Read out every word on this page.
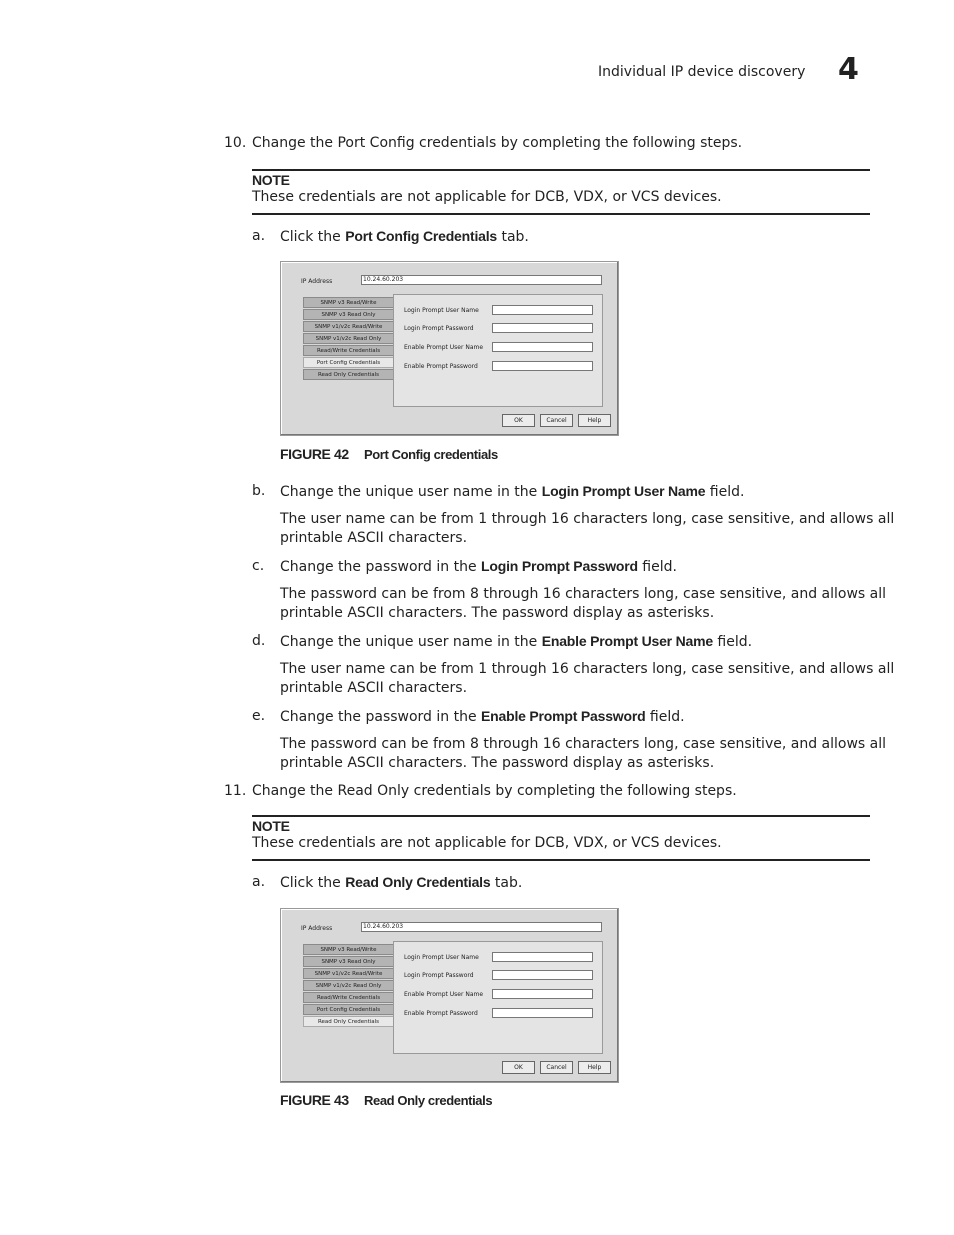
Individual IP device discovery 4
10. Change the Port Config credentials by completing the following steps.
NOTE
These credentials are not applicable for DCB, VDX, or VCS devices.
a. Click the Port Config Credentials tab.
IP Address	10.24.60.203
SNMP v3 Read/Write
SNMP v3 Read Only
SNMP v1/v2c Read/Write
SNMP v1/v2c Read Only
Read/Write Credentials
Port Config Credentials
Read Only Credentials
Login Prompt User Name
Login Prompt Password
Enable Prompt User Name
Enable Prompt Password
OK	Cancel	Help
FIGURE 42 Port Config credentials
b. Change the unique user name in the Login Prompt User Name field.
The user name can be from 1 through 16 characters long, case sensitive, and allows all
printable ASCII characters.
c. Change the password in the Login Prompt Password field.
The password can be from 8 through 16 characters long, case sensitive, and allows all
printable ASCII characters. The password display as asterisks.
d. Change the unique user name in the Enable Prompt User Name field.
The user name can be from 1 through 16 characters long, case sensitive, and allows all
printable ASCII characters.
e. Change the password in the Enable Prompt Password field.
The password can be from 8 through 16 characters long, case sensitive, and allows all
printable ASCII characters. The password display as asterisks.
11. Change the Read Only credentials by completing the following steps.
NOTE
These credentials are not applicable for DCB, VDX, or VCS devices.
a. Click the Read Only Credentials tab.
IP Address	10.24.60.203
SNMP v3 Read/Write
SNMP v3 Read Only
SNMP v1/v2c Read/Write
SNMP v1/v2c Read Only
Read/Write Credentials
Port Config Credentials
Read Only Credentials
Login Prompt User Name
Login Prompt Password
Enable Prompt User Name
Enable Prompt Password
OK	Cancel	Help
FIGURE 43 Read Only credentials
